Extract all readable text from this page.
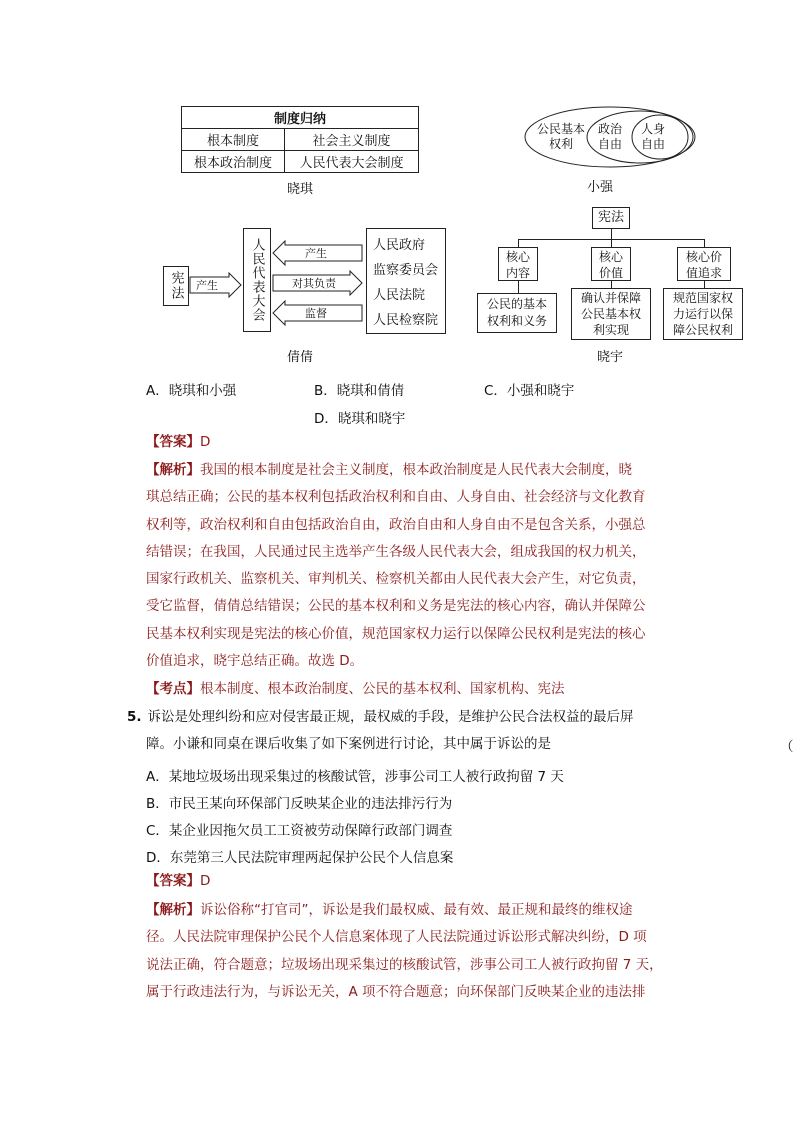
制度归纳	
根本制度	社会主义制度
根本政治制度	人民代表大会制度
晓琪
公民基本
权利
政治
自由
人身
自由
小强
宪法 产生 人民代表大会	产生
对其负责
监督
人民政府
监察委员会
人民法院
人民检察院
倩倩
宪法
核心
内容
核心
价值
核心价
值追求
公民的基本
权利和义务
确认并保障
公民基本权
利实现
规范国家权
力运行以保
障公民权利
晓宇
A．晓琪和小强	B．晓琪和倩倩	C．小强和晓宇
D．晓琪和晓宇
【答案】D
【解析】我国的根本制度是社会主义制度，根本政治制度是人民代表大会制度，晓
琪总结正确；公民的基本权利包括政治权利和自由、人身自由、社会经济与文化教育
权利等，政治权利和自由包括政治自由，政治自由和人身自由不是包含关系，小强总
结错误；在我国，人民通过民主选举产生各级人民代表大会，组成我国的权力机关，
国家行政机关、监察机关、审判机关、检察机关都由人民代表大会产生，对它负责，
受它监督，倩倩总结错误；公民的基本权利和义务是宪法的核心内容，确认并保障公
民基本权利实现是宪法的核心价值，规范国家权力运行以保障公民权利是宪法的核心
价值追求，晓宇总结正确。故选 D。
【考点】根本制度、根本政治制度、公民的基本权利、国家机构、宪法
5. 诉讼是处理纠纷和应对侵害最正规，最权威的手段，是维护公民合法权益的最后屏
障。小谦和同桌在课后收集了如下案例进行讨论，其中属于诉讼的是	（
A．某地垃圾场出现采集过的核酸试管，涉事公司工人被行政拘留 7 天
B．市民王某向环保部门反映某企业的违法排污行为
C．某企业因拖欠员工工资被劳动保障行政部门调查
D．东莞第三人民法院审理两起保护公民个人信息案
【答案】D
【解析】诉讼俗称“打官司”，诉讼是我们最权威、最有效、最正规和最终的维权途
径。人民法院审理保护公民个人信息案体现了人民法院通过诉讼形式解决纠纷，D 项
说法正确，符合题意；垃圾场出现采集过的核酸试管，涉事公司工人被行政拘留 7 天，
属于行政违法行为，与诉讼无关，A 项不符合题意；向环保部门反映某企业的违法排
